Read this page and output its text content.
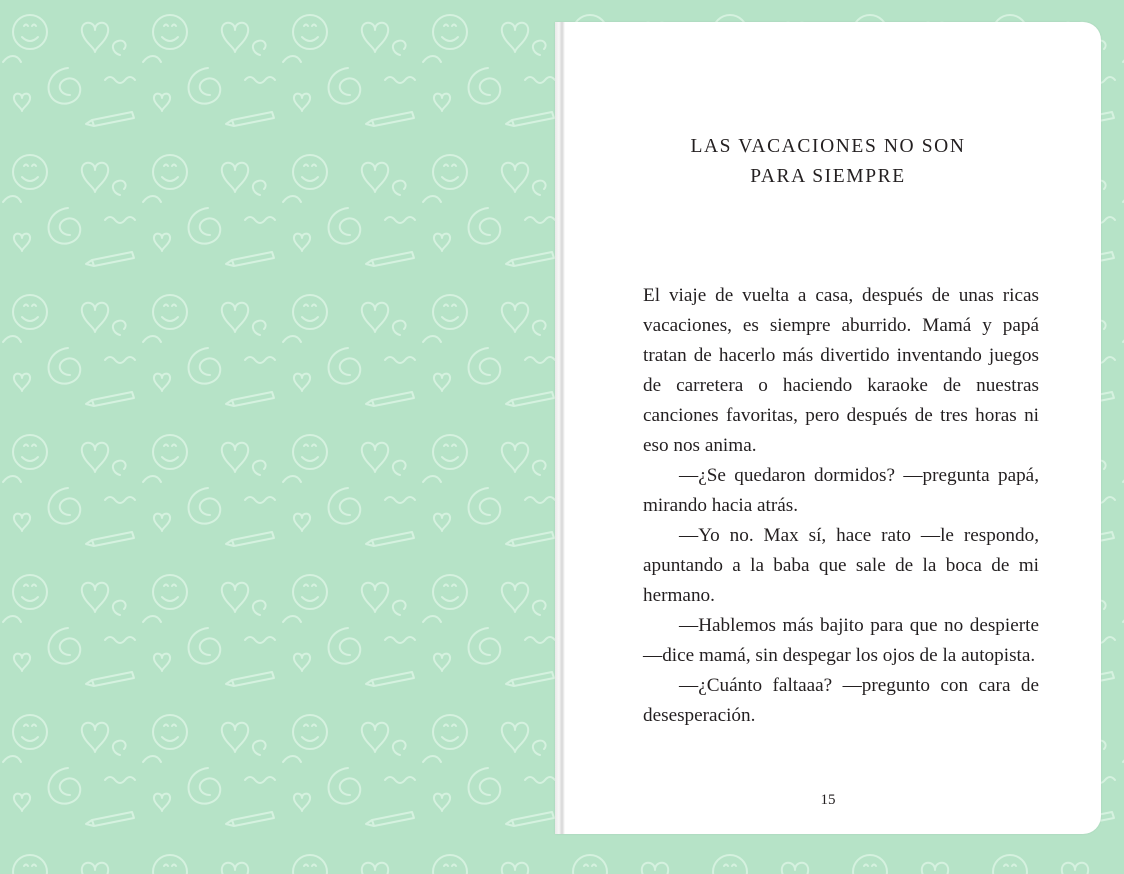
LAS VACACIONES NO SON
PARA SIEMPRE

El viaje de vuelta a casa, después de unas ricas vacaciones, es siempre aburrido. Mamá y papá tratan de hacerlo más divertido inventando juegos de carretera o haciendo karaoke de nuestras canciones favoritas, pero después de tres horas ni eso nos anima.

—¿Se quedaron dormidos? —pregunta papá, mirando hacia atrás.

—Yo no. Max sí, hace rato —le respondo, apuntando a la baba que sale de la boca de mi hermano.

—Hablemos más bajito para que no despierte —dice mamá, sin despegar los ojos de la autopista.

—¿Cuánto faltaaa? —pregunto con cara de desesperación.

15
